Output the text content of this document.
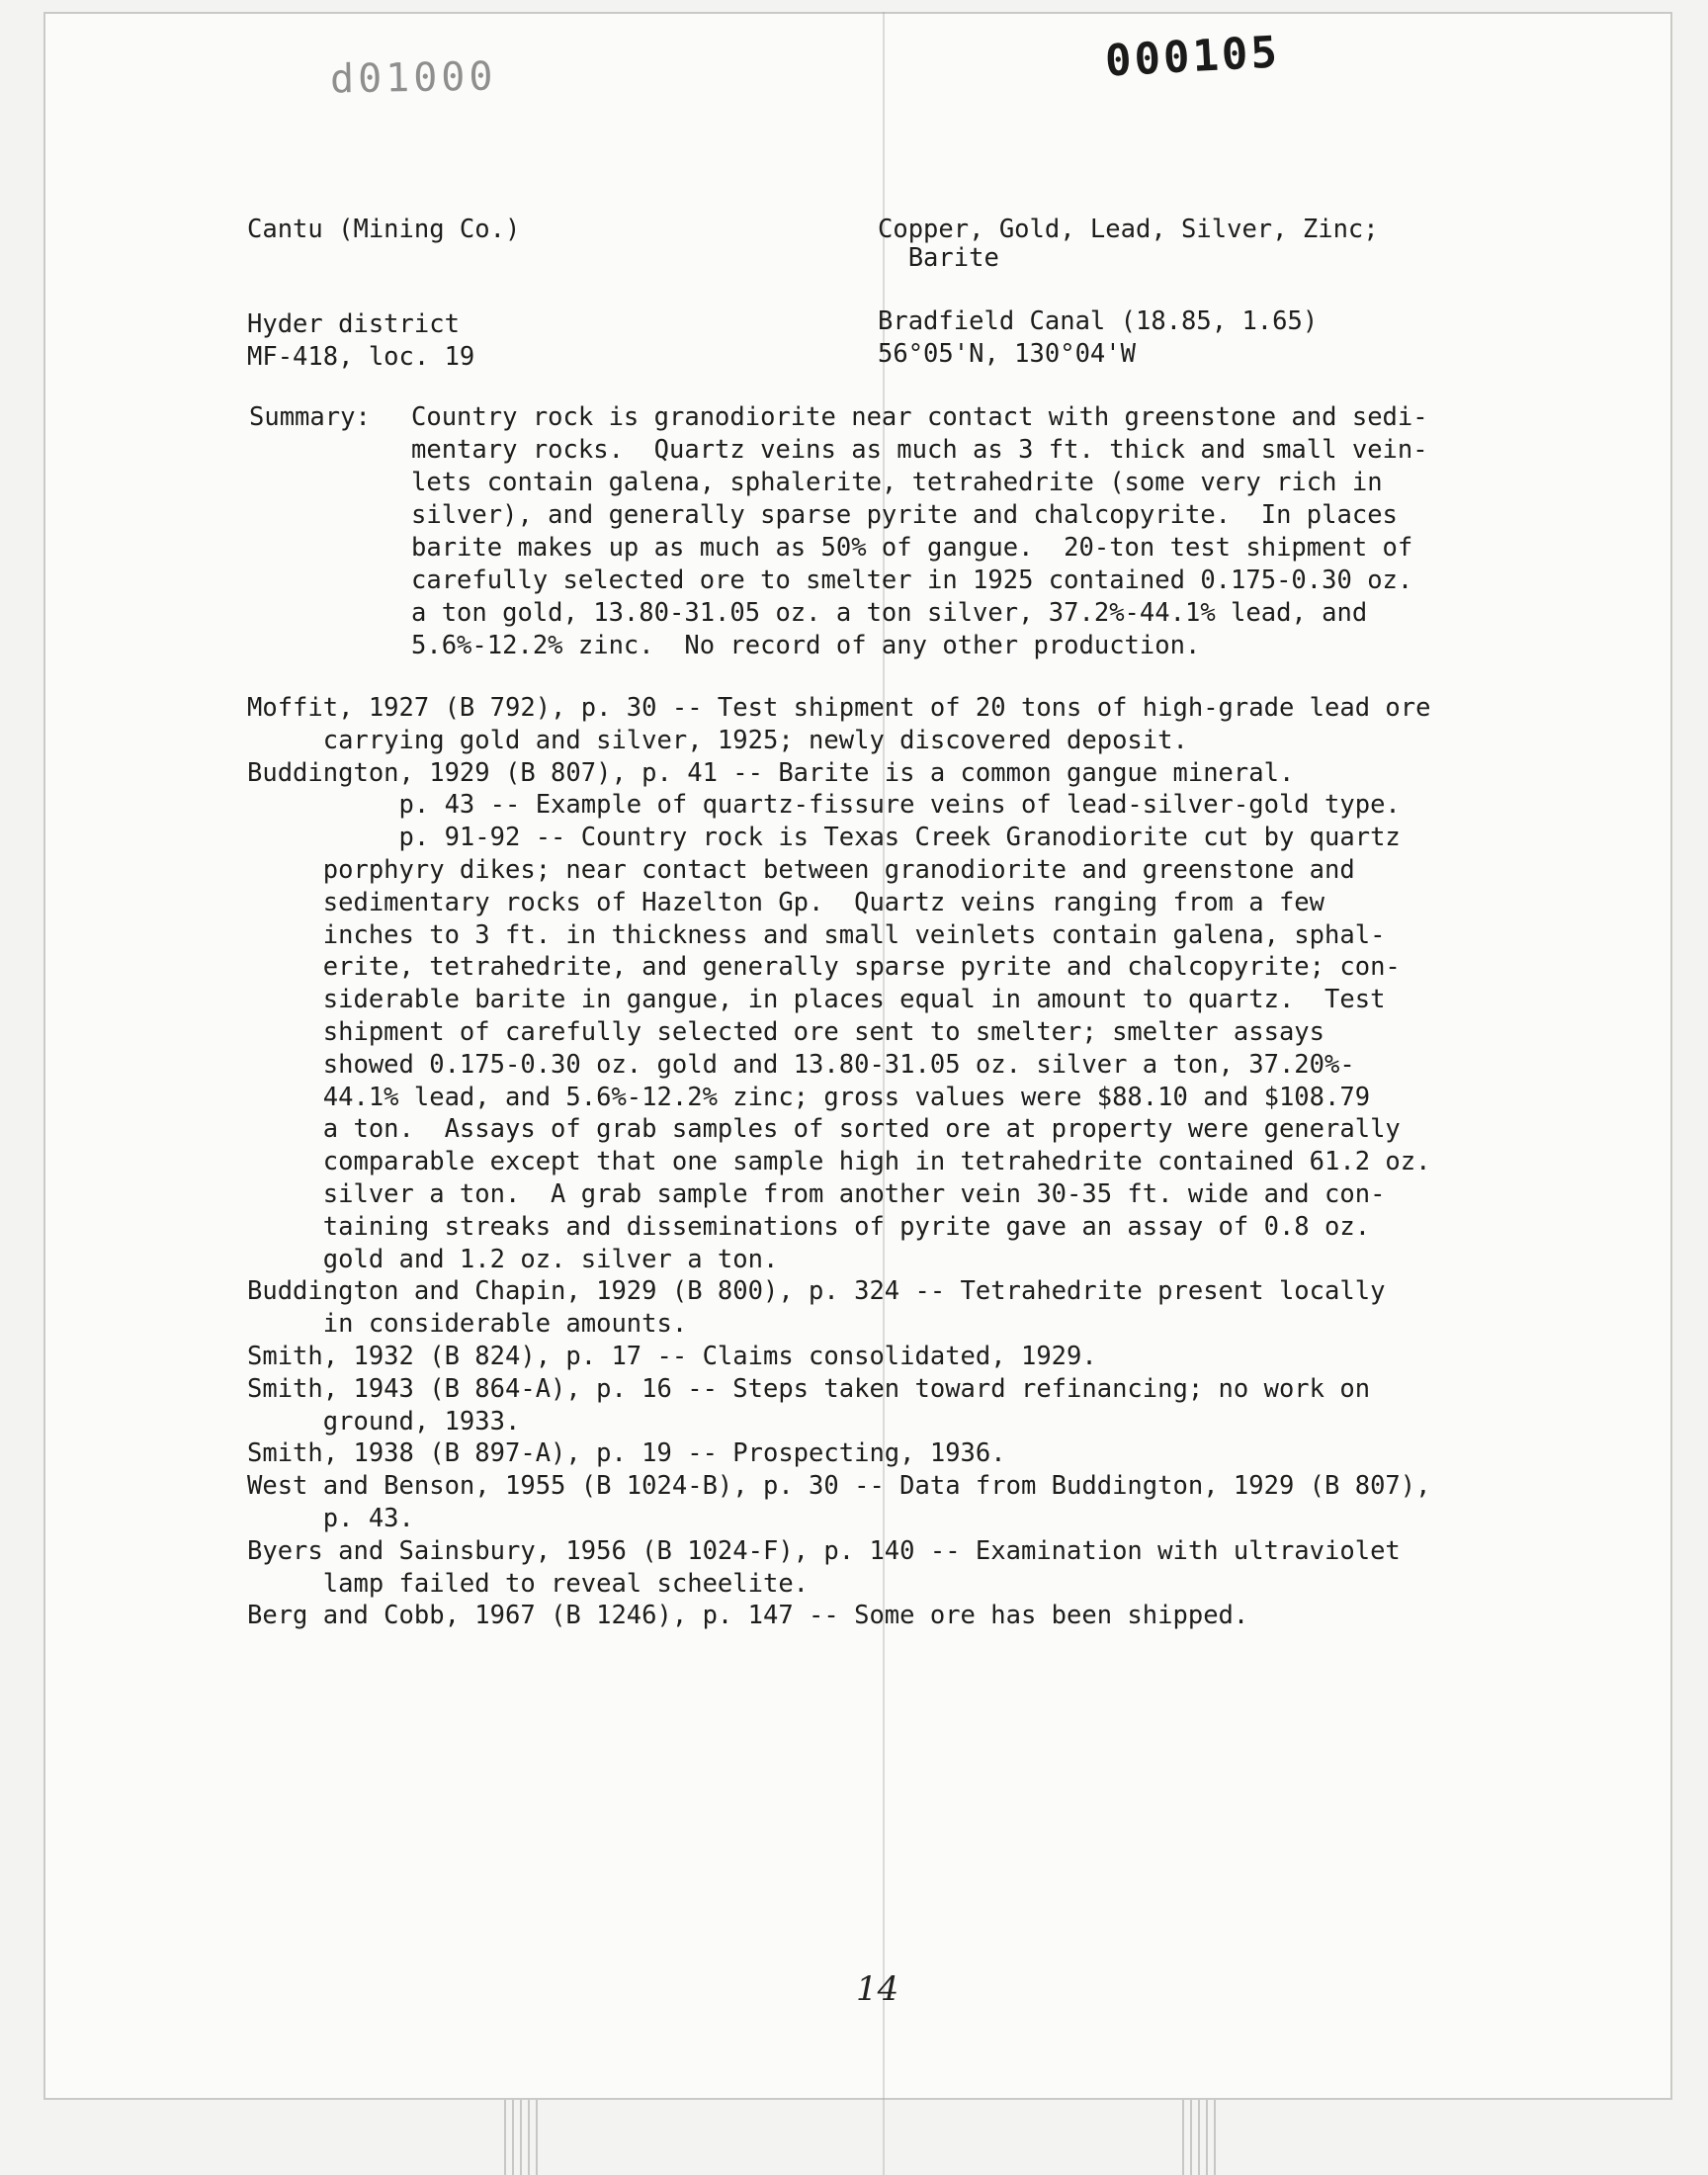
d01000	000105
Cantu (Mining Co.)	Copper, Gold, Lead, Silver, Zinc;
Barite
Hyder district
MF-418, loc. 19
Bradfield Canal (18.85, 1.65)
56°05'N, 130°04'W
Summary: Country rock is granodiorite near contact with greenstone and sedi-
mentary rocks.  Quartz veins as much as 3 ft. thick and small vein-
lets contain galena, sphalerite, tetrahedrite (some very rich in
silver), and generally sparse pyrite and chalcopyrite.  In places
barite makes up as much as 50% of gangue.  20-ton test shipment of
carefully selected ore to smelter in 1925 contained 0.175-0.30 oz.
a ton gold, 13.80-31.05 oz. a ton silver, 37.2%-44.1% lead, and
5.6%-12.2% zinc.  No record of any other production.
Moffit, 1927 (B 792), p. 30 -- Test shipment of 20 tons of high-grade lead ore
carrying gold and silver, 1925; newly discovered deposit.
Buddington, 1929 (B 807), p. 41 -- Barite is a common gangue mineral.
p. 43 -- Example of quartz-fissure veins of lead-silver-gold type.
p. 91-92 -- Country rock is Texas Creek Granodiorite cut by quartz
porphyry dikes; near contact between granodiorite and greenstone and
sedimentary rocks of Hazelton Gp.  Quartz veins ranging from a few
inches to 3 ft. in thickness and small veinlets contain galena, sphal-
erite, tetrahedrite, and generally sparse pyrite and chalcopyrite; con-
siderable barite in gangue, in places equal in amount to quartz.  Test
shipment of carefully selected ore sent to smelter; smelter assays
showed 0.175-0.30 oz. gold and 13.80-31.05 oz. silver a ton, 37.20%-
44.1% lead, and 5.6%-12.2% zinc; gross values were $88.10 and $108.79
a ton.  Assays of grab samples of sorted ore at property were generally
comparable except that one sample high in tetrahedrite contained 61.2 oz.
silver a ton.  A grab sample from another vein 30-35 ft. wide and con-
taining streaks and disseminations of pyrite gave an assay of 0.8 oz.
gold and 1.2 oz. silver a ton.
Buddington and Chapin, 1929 (B 800), p. 324 -- Tetrahedrite present locally
in considerable amounts.
Smith, 1932 (B 824), p. 17 -- Claims consolidated, 1929.
Smith, 1943 (B 864-A), p. 16 -- Steps taken toward refinancing; no work on
ground, 1933.
Smith, 1938 (B 897-A), p. 19 -- Prospecting, 1936.
West and Benson, 1955 (B 1024-B), p. 30 -- Data from Buddington, 1929 (B 807),
p. 43.
Byers and Sainsbury, 1956 (B 1024-F), p. 140 -- Examination with ultraviolet
lamp failed to reveal scheelite.
Berg and Cobb, 1967 (B 1246), p. 147 -- Some ore has been shipped.
14
